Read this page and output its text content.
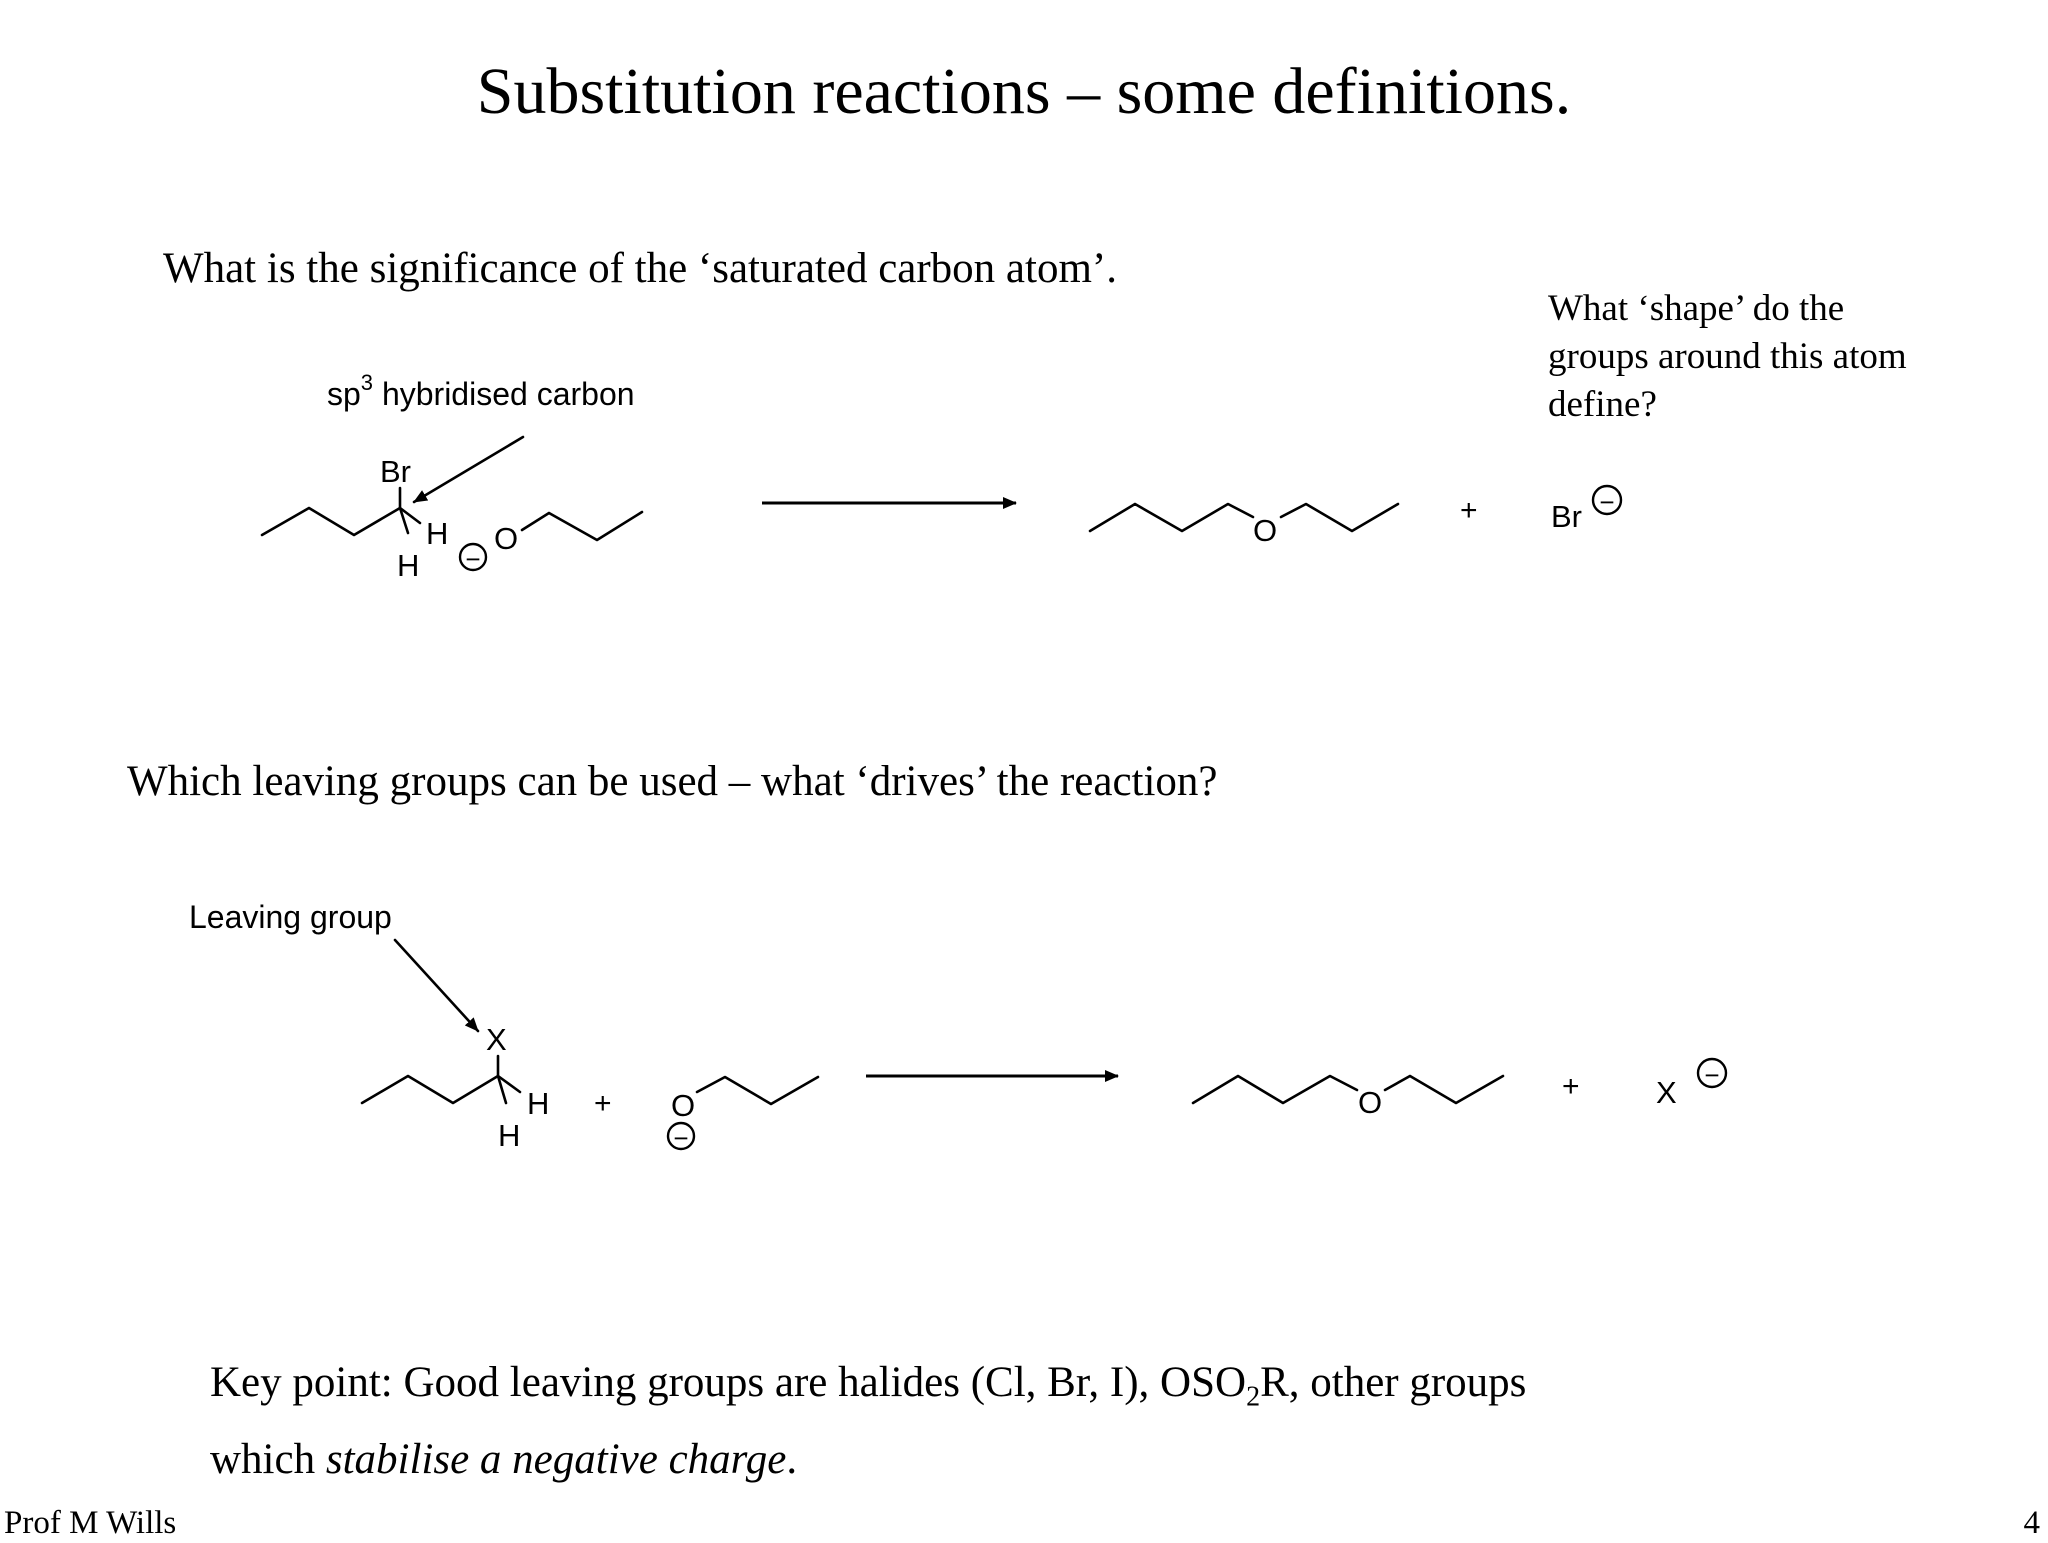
Substitution reactions – some definitions.
What is the significance of the ‘saturated carbon atom’.
What ‘shape’ do the groups around this atom define?
Which leaving groups can be used – what ‘drives’ the reaction?
Key point: Good leaving groups are halides (Cl, Br, I), $OSO_2R$, other groups
which stabilise a negative charge.
Prof M Wills	4
$sp^3$ hybridised carbon
Br
H
H −
O	O
+ Br −
Leaving group
X
H
H
+ O
−
O	+ X −
